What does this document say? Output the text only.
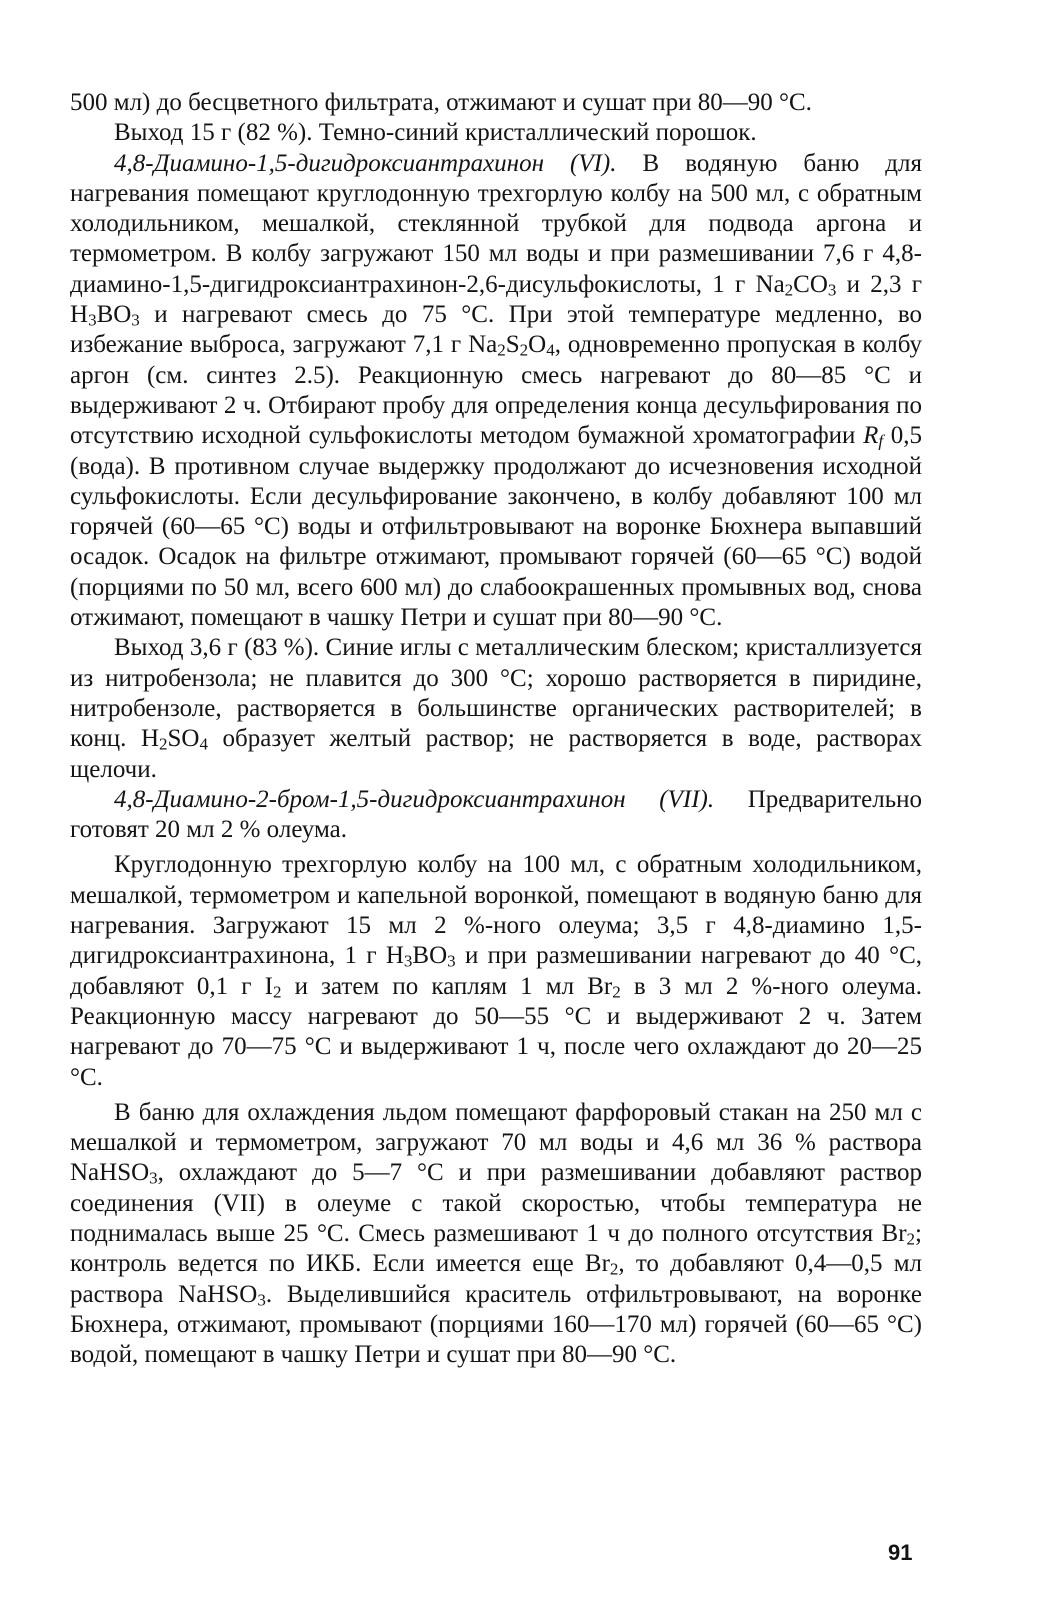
500 мл) до бесцветного фильтрата, отжимают и сушат при 80—90 °С.

Выход 15 г (82 %). Темно-синий кристаллический порошок.

4,8-Диамино-1,5-дигидроксиантрахинон (VI). В водяную баню для нагревания помещают круглодонную трехгорлую колбу на 500 мл, с обратным холодильником, мешалкой, стеклянной трубкой для подвода аргона и термометром. В колбу загружают 150 мл воды и при размешивании 7,6 г 4,8-диамино-1,5-дигидроксиантрахинон-2,6-дисульфокислоты, 1 г $Na_2CO_3$ и 2,3 г $H_3BO_3$ и нагревают смесь до 75 °С. При этой температуре медленно, во избежание выброса, загружают 7,1 г $Na_2S_2O_4$, одновременно пропуская в колбу аргон (см. синтез 2.5). Реакционную смесь нагревают до 80—85 °С и выдерживают 2 ч. Отбирают пробу для определения конца десульфирования по отсутствию исходной сульфокислоты методом бумажной хроматографии $R_f$ 0,5 (вода). В противном случае выдержку продолжают до исчезновения исходной сульфокислоты. Если десульфирование закончено, в колбу добавляют 100 мл горячей (60—65 °С) воды и отфильтровывают на воронке Бюхнера выпавший осадок. Осадок на фильтре отжимают, промывают горячей (60—65 °С) водой (порциями по 50 мл, всего 600 мл) до слабоокрашенных промывных вод, снова отжимают, помещают в чашку Петри и сушат при 80—90 °С.

Выход 3,6 г (83 %). Синие иглы с металлическим блеском; кристаллизуется из нитробензола; не плавится до 300 °С; хорошо растворяется в пиридине, нитробензоле, растворяется в большинстве органических растворителей; в конц. $H_2SO_4$ образует желтый раствор; не растворяется в воде, растворах щелочи.

4,8-Диамино-2-бром-1,5-дигидроксиантрахинон (VII). Предварительно готовят 20 мл 2 % олеума.

Круглодонную трехгорлую колбу на 100 мл, с обратным холодильником, мешалкой, термометром и капельной воронкой, помещают в водяную баню для нагревания. Загружают 15 мл 2 %-ного олеума; 3,5 г 4,8-диамино 1,5-дигидроксиантрахинона, 1 г $H_3BO_3$ и при размешивании нагревают до 40 °С, добавляют 0,1 г $I_2$ и затем по каплям 1 мл $Br_2$ в 3 мл 2 %-ного олеума. Реакционную массу нагревают до 50—55 °С и выдерживают 2 ч. Затем нагревают до 70—75 °С и выдерживают 1 ч, после чего охлаждают до 20—25 °С.

В баню для охлаждения льдом помещают фарфоровый стакан на 250 мл с мешалкой и термометром, загружают 70 мл воды и 4,6 мл 36 % раствора NaHSO$_3$, охлаждают до 5—7 °С и при размешивании добавляют раствор соединения (VII) в олеуме с такой скоростью, чтобы температура не поднималась выше 25 °С. Смесь размешивают 1 ч до полного отсутствия $Br_2$; контроль ведется по ИКБ. Если имеется еще $Br_2$, то добавляют 0,4—0,5 мл раствора NaHSO$_3$. Выделившийся краситель отфильтровывают, на воронке Бюхнера, отжимают, промывают (порциями 160—170 мл) горячей (60—65 °С) водой, помещают в чашку Петри и сушат при 80—90 °С.

91
